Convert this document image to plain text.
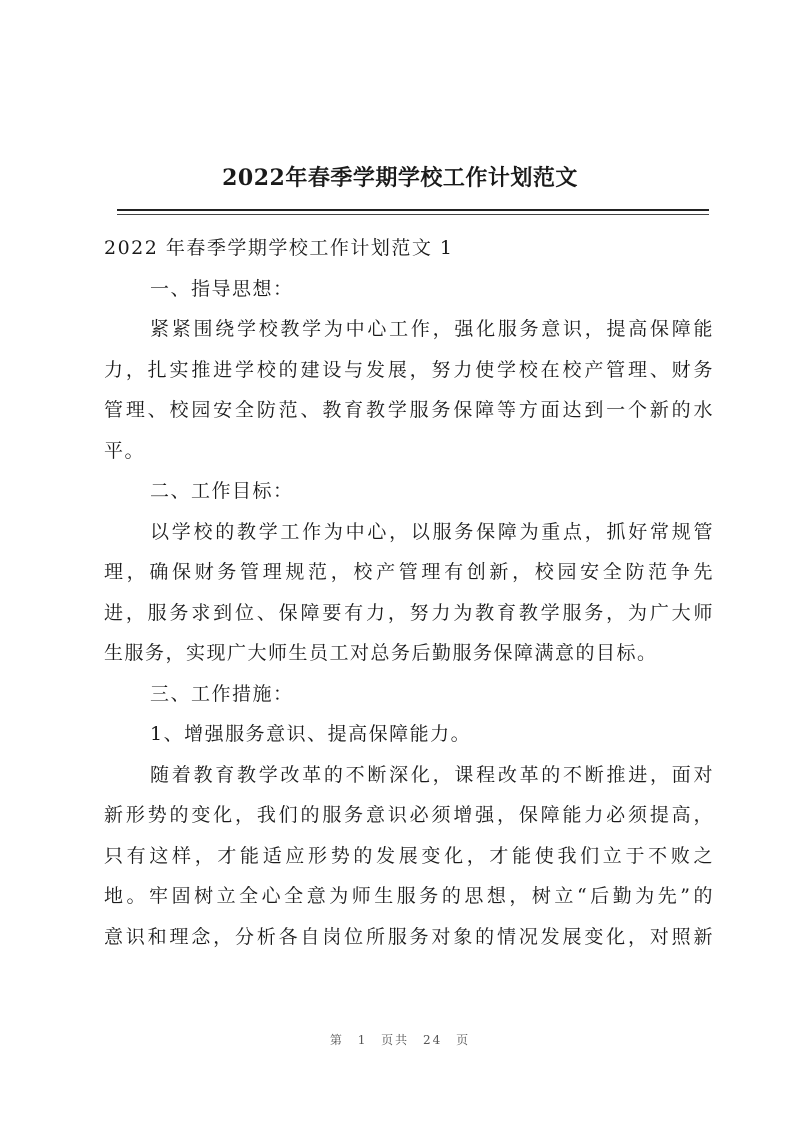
2022年春季学期学校工作计划范文
2022 年春季学期学校工作计划范文 1
一、指导思想：
紧紧围绕学校教学为中心工作，强化服务意识，提高保障能
力，扎实推进学校的建设与发展，努力使学校在校产管理、财务
管理、校园安全防范、教育教学服务保障等方面达到一个新的水
平。
二、工作目标：
以学校的教学工作为中心，以服务保障为重点，抓好常规管
理，确保财务管理规范，校产管理有创新，校园安全防范争先
进，服务求到位、保障要有力，努力为教育教学服务，为广大师
生服务，实现广大师生员工对总务后勤服务保障满意的目标。
三、工作措施：
1、增强服务意识、提高保障能力。
随着教育教学改革的不断深化，课程改革的不断推进，面对
新形势的变化，我们的服务意识必须增强，保障能力必须提高，
只有这样，才能适应形势的发展变化，才能使我们立于不败之
地。牢固树立全心全意为师生服务的思想，树立“后勤为先”的
意识和理念，分析各自岗位所服务对象的情况发展变化，对照新
第 1 页共 24 页
